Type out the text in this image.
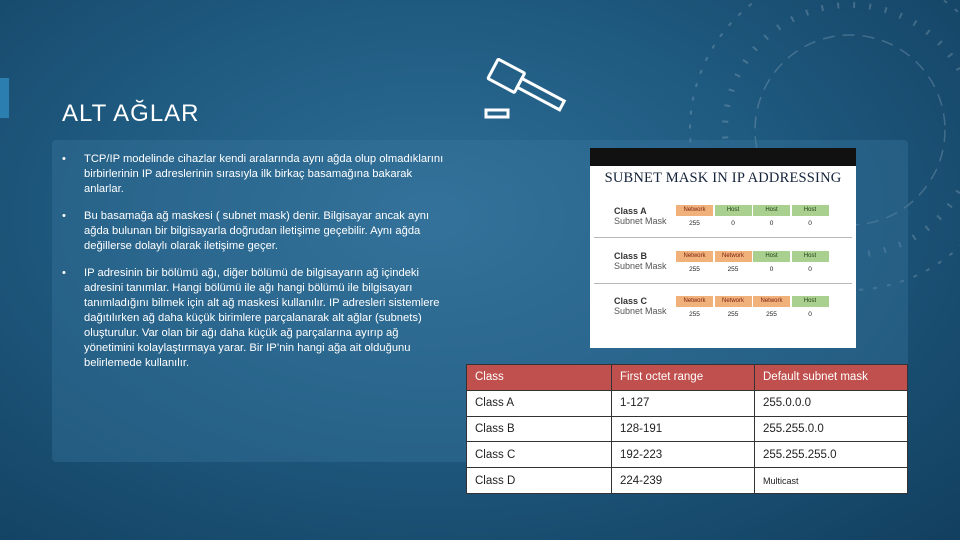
ALT AĞLAR
• TCP/IP modelinde cihazlar kendi aralarında aynı ağda olup olmadıklarını birbirlerinin IP adreslerinin sırasıyla ilk birkaç basamağına bakarak anlarlar.
• Bu basamağa ağ maskesi ( subnet mask) denir. Bilgisayar ancak aynı ağda bulunan bir bilgisayarla doğrudan iletişime geçebilir. Aynı ağda değillerse dolaylı olarak iletişime geçer.
• IP adresinin bir bölümü ağı, diğer bölümü de bilgisayarın ağ içindeki adresini tanımlar. Hangi bölümü ile ağı hangi bölümü ile bilgisayarı tanımladığını bilmek için alt ağ maskesi kullanılır. IP adresleri sistemlere dağıtılırken ağ daha küçük birimlere parçalanarak alt ağlar (subnets) oluşturulur. Var olan bir ağı daha küçük ağ parçalarına ayırıp ağ yönetimini kolaylaştırmaya yarar. Bir IP’nin hangi ağa ait olduğunu belirlemede kullanılır.
SUBNET MASK IN IP ADDRESSING
Class A
Subnet Mask
Network	Host	Host	Host
255	0	0	0
Class B
Subnet Mask
Network	Network	Host	Host
255	255	0	0
Class C
Subnet Mask
Network	Network	Network	Host
255	255	255	0
Class	First octet range	Default subnet mask
Class A	1-127	255.0.0.0
Class B	128-191	255.255.0.0
Class C	192-223	255.255.255.0
Class D	224-239	Multicast
